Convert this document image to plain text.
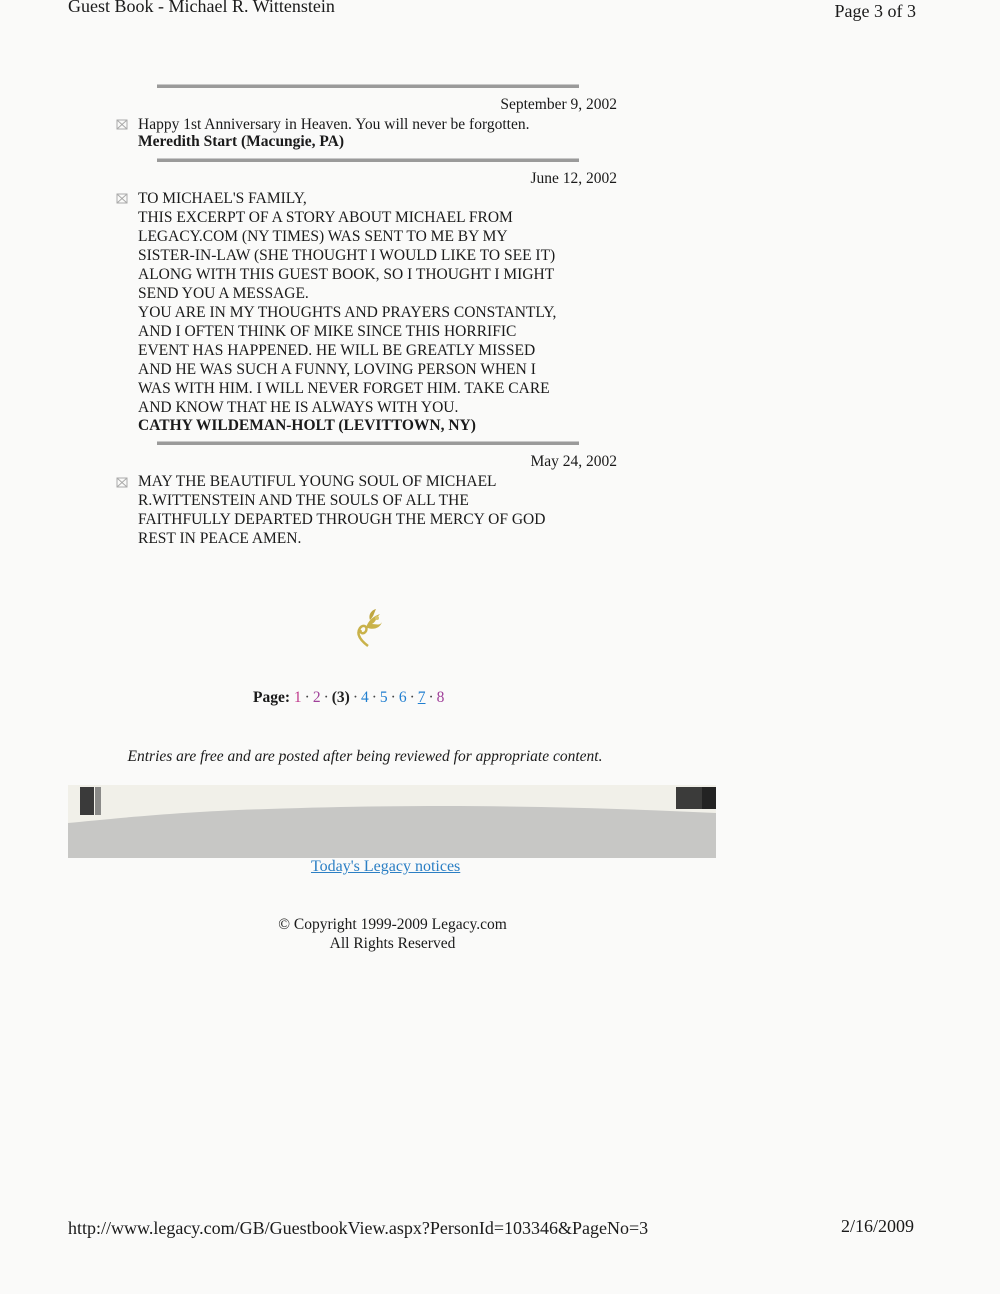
Guest Book - Michael R. Wittenstein	Page 3 of 3
September 9, 2002
Happy 1st Anniversary in Heaven. You will never be forgotten.
Meredith Start (Macungie, PA)
June 12, 2002
TO MICHAEL'S FAMILY,
THIS EXCERPT OF A STORY ABOUT MICHAEL FROM
LEGACY.COM (NY TIMES) WAS SENT TO ME BY MY
SISTER-IN-LAW (SHE THOUGHT I WOULD LIKE TO SEE IT)
ALONG WITH THIS GUEST BOOK, SO I THOUGHT I MIGHT
SEND YOU A MESSAGE.
YOU ARE IN MY THOUGHTS AND PRAYERS CONSTANTLY,
AND I OFTEN THINK OF MIKE SINCE THIS HORRIFIC
EVENT HAS HAPPENED. HE WILL BE GREATLY MISSED
AND HE WAS SUCH A FUNNY, LOVING PERSON WHEN I
WAS WITH HIM. I WILL NEVER FORGET HIM. TAKE CARE
AND KNOW THAT HE IS ALWAYS WITH YOU.
CATHY WILDEMAN-HOLT (LEVITTOWN, NY)
May 24, 2002
MAY THE BEAUTIFUL YOUNG SOUL OF MICHAEL
R.WITTENSTEIN AND THE SOULS OF ALL THE
FAITHFULLY DEPARTED THROUGH THE MERCY OF GOD
REST IN PEACE AMEN.
Page: 1 · 2 · (3) · 4 · 5 · 6 · 7 · 8
Entries are free and are posted after being reviewed for appropriate content.
Today's Legacy notices
© Copyright 1999-2009 Legacy.com
All Rights Reserved
http://www.legacy.com/GB/GuestbookView.aspx?PersonId=103346&PageNo=3	2/16/2009
